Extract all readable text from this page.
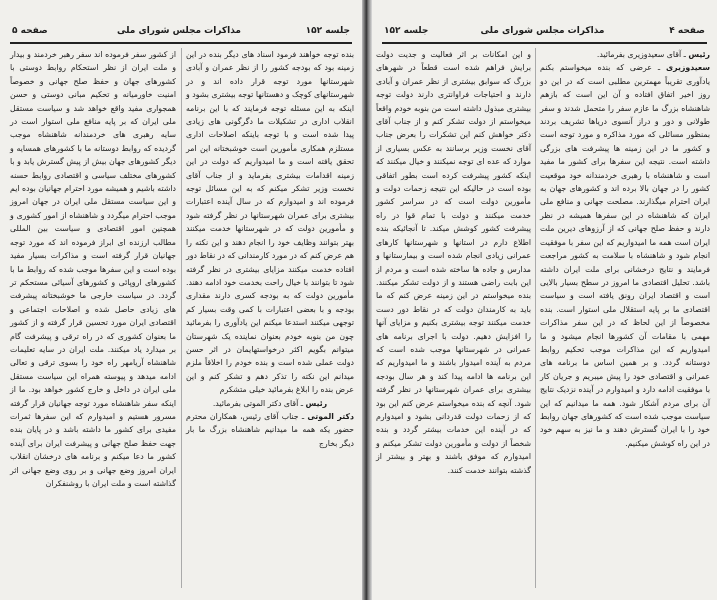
جلسه ۱۵۲
مذاکرات مجلس شورای ملی
صفحه ۵

بنده توجه خواهند فرمود اسناد های دیگر بنده در این زمینه بود که بودجه کشور را از نظر عمران و آبادی شهرستانها مورد توجه قرار داده اند و در شهرستانهای کوچک و دهستانها توجه بیشتری بشود و اینکه به این مسئله توجه فرمایند که با این برنامه انقلاب اداری در تشکیلات ما دگرگونی های زیادی پیدا شده است و با توجه باینکه اصلاحات اداری مستلزم همکاری مأمورین است خوشبختانه این امر تحقق یافته است و ما امیدواریم که دولت در این زمینه اقدامات بیشتری بفرماید و از جناب آقای نخست وزیر تشکر میکنم که به این مسائل توجه فرموده اند و امیدوارم که در سال آینده اعتبارات بیشتری برای عمران شهرستانها در نظر گرفته شود و مأمورین دولت که در شهرستانها خدمت میکنند بهتر بتوانند وظایف خود را انجام دهند و این نکته را هم عرض کنم که در مورد کارمندانی که در نقاط دور افتاده خدمت میکنند مزایای بیشتری در نظر گرفته شود تا بتوانند با خیال راحت بخدمت خود ادامه دهند. مأمورین دولت که به بودجه کسری دارند مقداری بودجه و با بعضی اعتبارات با کمی وقت بسیار کم توجهی میکنند استدعا میکنم این یادآوری را بفرمائید چون من بنوبه خودم بعنوان نماینده یک شهرستان میتوانم بگویم اکثر درخواستهایمان در اثر حسن دولت عملی شده است و بنده خودم را اخلاقاً ملزم میدانم این نکته را تذکر دهم و تشکر کنم و این عرض بنده را ابلاغ بفرمائید خیلی متشکرم

رئیس ـ آقای دکتر الموتی بفرمائید.

دکتر الموتی ـ جناب آقای رئیس، همکاران محترم حضور یکه همه ما میدانیم شاهنشاه بزرگ ما بار دیگر بخارج

از کشور سفر فرموده اند سفر رهبر خردمند و بیدار و ملت ایران از نظر استحکام روابط دوستی با کشورهای جهان و حفظ صلح جهانی و خصوصاً امنیت خاورمیانه و تحکیم مبانی دوستی و حسن همجواری مفید واقع خواهد شد و سیاست مستقل ملی ایران که بر پایه منافع ملی استوار است در سایه رهبری های خردمندانه شاهنشاه موجب گردیده که روابط دوستانه ما با کشورهای همسایه و دیگر کشورهای جهان بیش از پیش گسترش یابد و با کشورهای مختلف سیاسی و اقتصادی روابط حسنه داشته باشیم و همیشه مورد احترام جهانیان بوده ایم و این سیاست مستقل ملی ایران در جهان امروز موجب احترام میگردد و شاهنشاه از امور کشوری و همچنین امور اقتصادی و سیاست بین المللی مطالب ارزنده ای ابراز فرموده اند که مورد توجه جهانیان قرار گرفته است و مذاکرات بسیار مفید بوده است و این سفرها موجب شده که روابط ما با کشورهای اروپائی و کشورهای آسیائی مستحکم تر گردد. در سیاست خارجی ما خوشبختانه پیشرفت های زیادی حاصل شده و اصلاحات اجتماعی و اقتصادی ایران مورد تحسین قرار گرفته و از کشور ما بعنوان کشوری که در راه ترقی و پیشرفت گام بر میدارد یاد میکنند. ملت ایران در سایه تعلیمات شاهنشاه آریامهر راه خود را بسوی ترقی و تعالی ادامه میدهد و پیوسته همراه این سیاست مستقل ملی ایران در داخل و خارج کشور خواهد بود. ما از اینکه سفر شاهنشاه مورد توجه جهانیان قرار گرفته مسرور هستیم و امیدوارم که این سفرها ثمرات مفیدی برای کشور ما داشته باشد و در پایان بنده جهت حفظ صلح جهانی و پیشرفت ایران برای آینده کشور ما دعا میکنم و برنامه های درخشان انقلاب ایران امروز وضع جهانی و بر روی وضع جهانی اثر گذاشته است و ملت ایران با روشنفکران

صفحه ۴
مذاکرات مجلس شورای ملی
جلسه ۱۵۲

رئیس ـ آقای سعیدوزیری بفرمائید.

سعیدوزیری ـ عرضی که بنده میخواستم بکنم یادآوری تقریباً مهمترین مطلبی است که در این دو روز اخیر اتفاق افتاده و آن این است که بازهم شاهنشاه بزرگ ما عازم سفر را متحمل شدند و سفر طولانی و دور و دراز آنسوی دریاها تشریف بردند بمنظور مسائلی که مورد مذاکره و مورد توجه است و کشور ما در این زمینه ها پیشرفت های بزرگی داشته است. نتیجه این سفرها برای کشور ما مفید است و شاهنشاه با رهبری خردمندانه خود موقعیت کشور را در جهان بالا برده اند و کشورهای جهان به ایران احترام میگذارند. مصلحت جهانی و منافع ملی ایران که شاهنشاه در این سفرها همیشه در نظر دارند و حفظ صلح جهانی که از آرزوهای دیرین ملت ایران است همه ما امیدواریم که این سفر با موفقیت انجام شود و شاهنشاه با سلامت به کشور مراجعت فرمایند و نتایج درخشانی برای ملت ایران داشته باشد. تحلیل اقتصادی ما امروز در سطح بسیار بالایی است و اقتصاد ایران رونق یافته است و سیاست اقتصادی ما بر پایه استقلال ملی استوار است. بنده مخصوصاً از این لحاظ که در این سفر مذاکرات مهمی با مقامات آن کشورها انجام میشود و ما امیدواریم که این مذاکرات موجب تحکیم روابط دوستانه گردد. و بر همین اساس ما برنامه های عمرانی و اقتصادی خود را پیش میبریم و جریان کار با موفقیت ادامه دارد و امیدوارم در آینده نزدیک نتایج آن برای مردم آشکار شود. همه ما میدانیم که این سیاست موجب شده است که کشورهای جهان روابط خود را با ایران گسترش دهند و ما نیز به سهم خود در این راه کوشش میکنیم.

و این امکانات بر اثر فعالیت و جدیت دولت برایش فراهم شده است قطعاً در شهرهای بزرگ که سوابق بیشتری از نظر عمران و آبادی دارند و احتیاجات فراوانتری دارند دولت توجه بیشتری مبذول داشته است من بنوبه خودم واقعاً میخواستم از دولت تشکر کنم و از جناب آقای دکتر خواهش کنم این تشکرات را بعرض جناب آقای نخست وزیر برسانند به عکس بسیاری از موارد که عده ای توجه نمیکنند و خیال میکنند که اینکه کشور پیشرفت کرده است بطور اتفاقی بوده است در حالیکه این نتیجه زحمات دولت و مأمورین دولت است که در سراسر کشور خدمت میکنند و دولت با تمام قوا در راه پیشرفت کشور کوشش میکند. تا آنجائیکه بنده اطلاع دارم در استانها و شهرستانها کارهای عمرانی زیادی انجام شده است و بیمارستانها و مدارس و جاده ها ساخته شده است و مردم از این بابت راضی هستند و از دولت تشکر میکنند. بنده میخواستم در این زمینه عرض کنم که ما باید به کارمندان دولت که در نقاط دور دست خدمت میکنند توجه بیشتری بکنیم و مزایای آنها را افزایش دهیم. دولت با اجرای برنامه های عمرانی در شهرستانها موجب شده است که مردم به آینده امیدوار باشند و ما امیدواریم که این برنامه ها ادامه پیدا کند و هر سال بودجه بیشتری برای عمران شهرستانها در نظر گرفته شود. آنچه که بنده میخواستم عرض کنم این بود که از زحمات دولت قدردانی بشود و امیدوارم که در آینده این خدمات بیشتر گردد و بنده شخصاً از دولت و مأمورین دولت تشکر میکنم و امیدوارم که موفق باشند و بهتر و بیشتر از گذشته بتوانند خدمت کنند.
